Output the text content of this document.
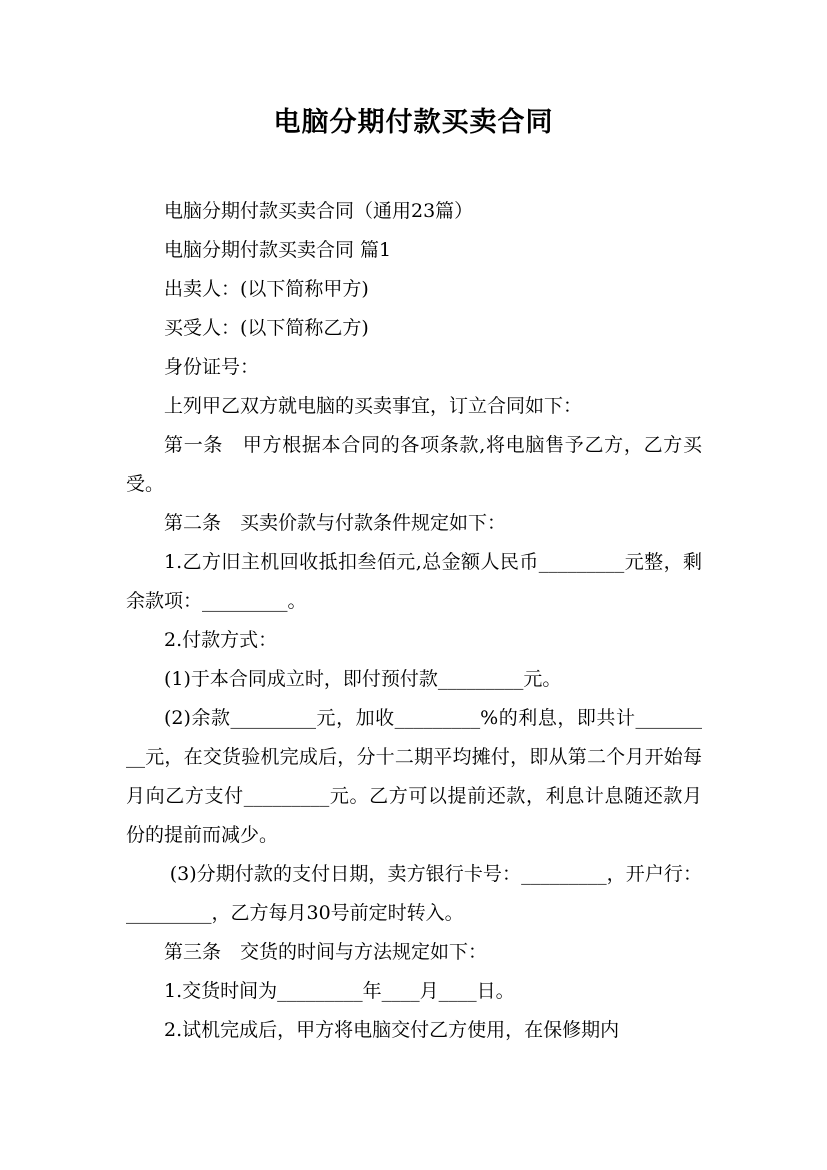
电脑分期付款买卖合同

电脑分期付款买卖合同（通用23篇）

电脑分期付款买卖合同 篇1

出卖人：(以下简称甲方)

买受人：(以下简称乙方)

身份证号：

上列甲乙双方就电脑的买卖事宜，订立合同如下：

第一条　甲方根据本合同的各项条款,将电脑售予乙方，乙方买受。

第二条　买卖价款与付款条件规定如下：

1.乙方旧主机回收抵扣叁佰元,总金额人民币_________元整，剩余款项：_________。

2.付款方式：

(1)于本合同成立时，即付预付款_________元。

(2)余款_________元，加收_________%的利息，即共计_________元，在交货验机完成后，分十二期平均摊付，即从第二个月开始每月向乙方支付_________元。乙方可以提前还款，利息计息随还款月份的提前而减少。

(3)分期付款的支付日期，卖方银行卡号：_________，开户行：_________，乙方每月30号前定时转入。

第三条　交货的时间与方法规定如下：

1.交货时间为_________年____月____日。

2.试机完成后，甲方将电脑交付乙方使用，在保修期内
